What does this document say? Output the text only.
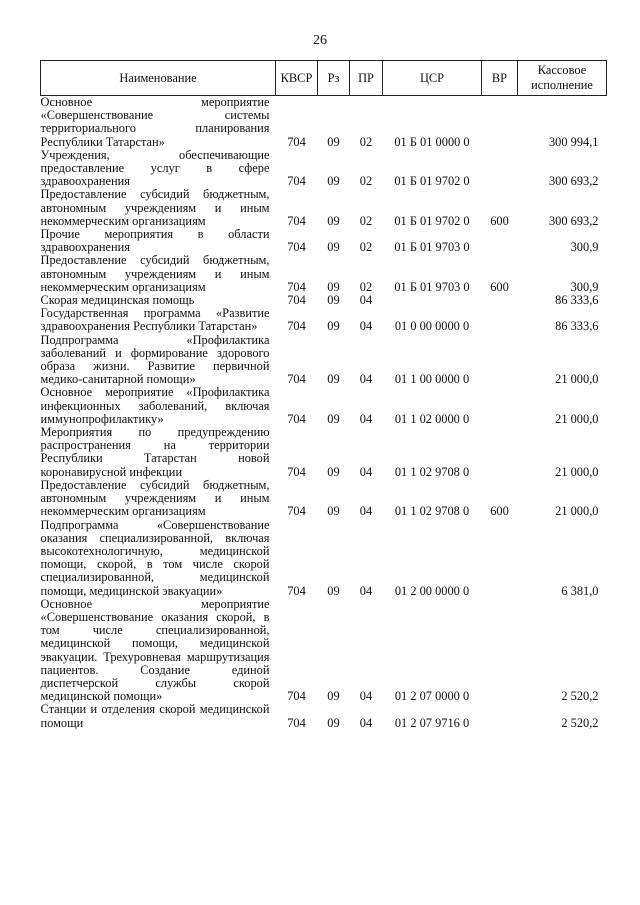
26
Наименование	КВСР	Рз	ПР	ЦСР	ВР	Кассовое исполнение
Основное мероприятие «Совершенствование системы территориального планирования Республики Татарстан»	704	09	02	01 Б 01 0000 0		300 994,1
Учреждения, обеспечивающие предоставление услуг в сфере здравоохранения	704	09	02	01 Б 01 9702 0		300 693,2
Предоставление субсидий бюджетным, автономным учреждениям и иным некоммерческим организациям	704	09	02	01 Б 01 9702 0	600	300 693,2
Прочие мероприятия в области здравоохранения	704	09	02	01 Б 01 9703 0		300,9
Предоставление субсидий бюджетным, автономным учреждениям и иным некоммерческим организациям	704	09	02	01 Б 01 9703 0	600	300,9
Скорая медицинская помощь	704	09	04			86 333,6
Государственная программа «Развитие здравоохранения Республики Татарстан»	704	09	04	01 0 00 0000 0		86 333,6
Подпрограмма «Профилактика заболеваний и формирование здорового образа жизни. Развитие первичной медико-санитарной помощи»	704	09	04	01 1 00 0000 0		21 000,0
Основное мероприятие «Профилактика инфекционных заболеваний, включая иммунопрофилактику»	704	09	04	01 1 02 0000 0		21 000,0
Мероприятия по предупреждению распространения на территории Республики Татарстан новой коронавирусной инфекции	704	09	04	01 1 02 9708 0		21 000,0
Предоставление субсидий бюджетным, автономным учреждениям и иным некоммерческим организациям	704	09	04	01 1 02 9708 0	600	21 000,0
Подпрограмма «Совершенствование оказания специализированной, включая высокотехнологичную, медицинской помощи, скорой, в том числе скорой специализированной, медицинской помощи, медицинской эвакуации»	704	09	04	01 2 00 0000 0		6 381,0
Основное мероприятие «Совершенствование оказания скорой, в том числе специализированной, медицинской помощи, медицинской эвакуации. Трехуровневая маршрутизация пациентов. Создание единой диспетчерской службы скорой медицинской помощи»	704	09	04	01 2 07 0000 0		2 520,2
Станции и отделения скорой медицинской помощи	704	09	04	01 2 07 9716 0		2 520,2
